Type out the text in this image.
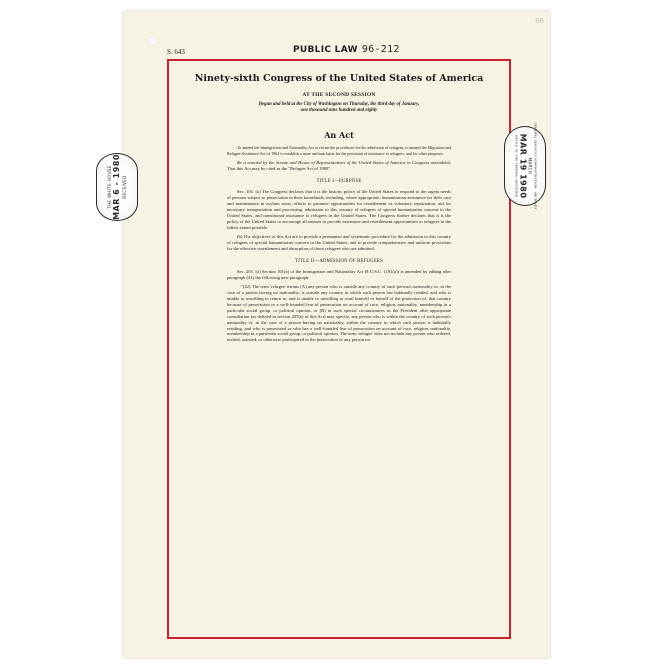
86
S. 643	PUBLIC LAW 96-212
Ninety-sixth Congress of the United States of America
AT THE SECOND SESSION
Begun and held at the City of Washington on Thursday, the third day of January,
one thousand nine hundred and eighty
An Act

To amend the Immigration and Nationality Act to revise the procedures for the admission of refugees, to amend the Migration and Refugee Assistance Act of 1962 to establish a more uniform basis for the provision of assistance to refugees, and for other purposes.

Be it enacted by the Senate and House of Representatives of the United States of America in Congress assembled, That this Act may be cited as the "Refugee Act of 1980".

TITLE I—PURPOSE

Sec. 101. (a) The Congress declares that it is the historic policy of the United States to respond to the urgent needs of persons subject to persecution in their homelands, including, where appropriate, humanitarian assistance for their care and maintenance in asylum areas, efforts to promote opportunities for resettlement or voluntary repatriation, aid for necessary transportation and processing, admission to this country of refugees of special humanitarian concern to the United States, and transitional assistance to refugees in the United States. The Congress further declares that it is the policy of the United States to encourage all nations to provide assistance and resettlement opportunities to refugees to the fullest extent possible.

(b) The objectives of this Act are to provide a permanent and systematic procedure for the admission to this country of refugees of special humanitarian concern to the United States, and to provide comprehensive and uniform provisions for the effective resettlement and absorption of those refugees who are admitted.

TITLE II—ADMISSION OF REFUGEES

Sec. 201. (a) Section 101(a) of the Immigration and Nationality Act (8 U.S.C. 1101(a)) is amended by adding after paragraph (41) the following new paragraph:

"(42) The term 'refugee' means (A) any person who is outside any country of such person's nationality or, in the case of a person having no nationality, is outside any country in which such person last habitually resided, and who is unable or unwilling to return to, and is unable or unwilling to avail himself or herself of the protection of, that country because of persecution or a well-founded fear of persecution on account of race, religion, nationality, membership in a particular social group, or political opinion, or (B) in such special circumstances as the President after appropriate consultation (as defined in section 207(e) of this Act) may specify, any person who is within the country of such person's nationality or, in the case of a person having no nationality, within the country in which such person is habitually residing, and who is persecuted or who has a well-founded fear of persecution on account of race, religion, nationality, membership in a particular social group, or political opinion. The term 'refugee' does not include any person who ordered, incited, assisted, or otherwise participated in the persecution of any person on

THE WHITE HOUSE MAR 6 - 1980 RECEIVED	GENERAL SERVICES ADMINISTRATION · ARCHIVES
MARCH
MAR 19 1980
OFFICE OF THE FEDERAL REGISTER
